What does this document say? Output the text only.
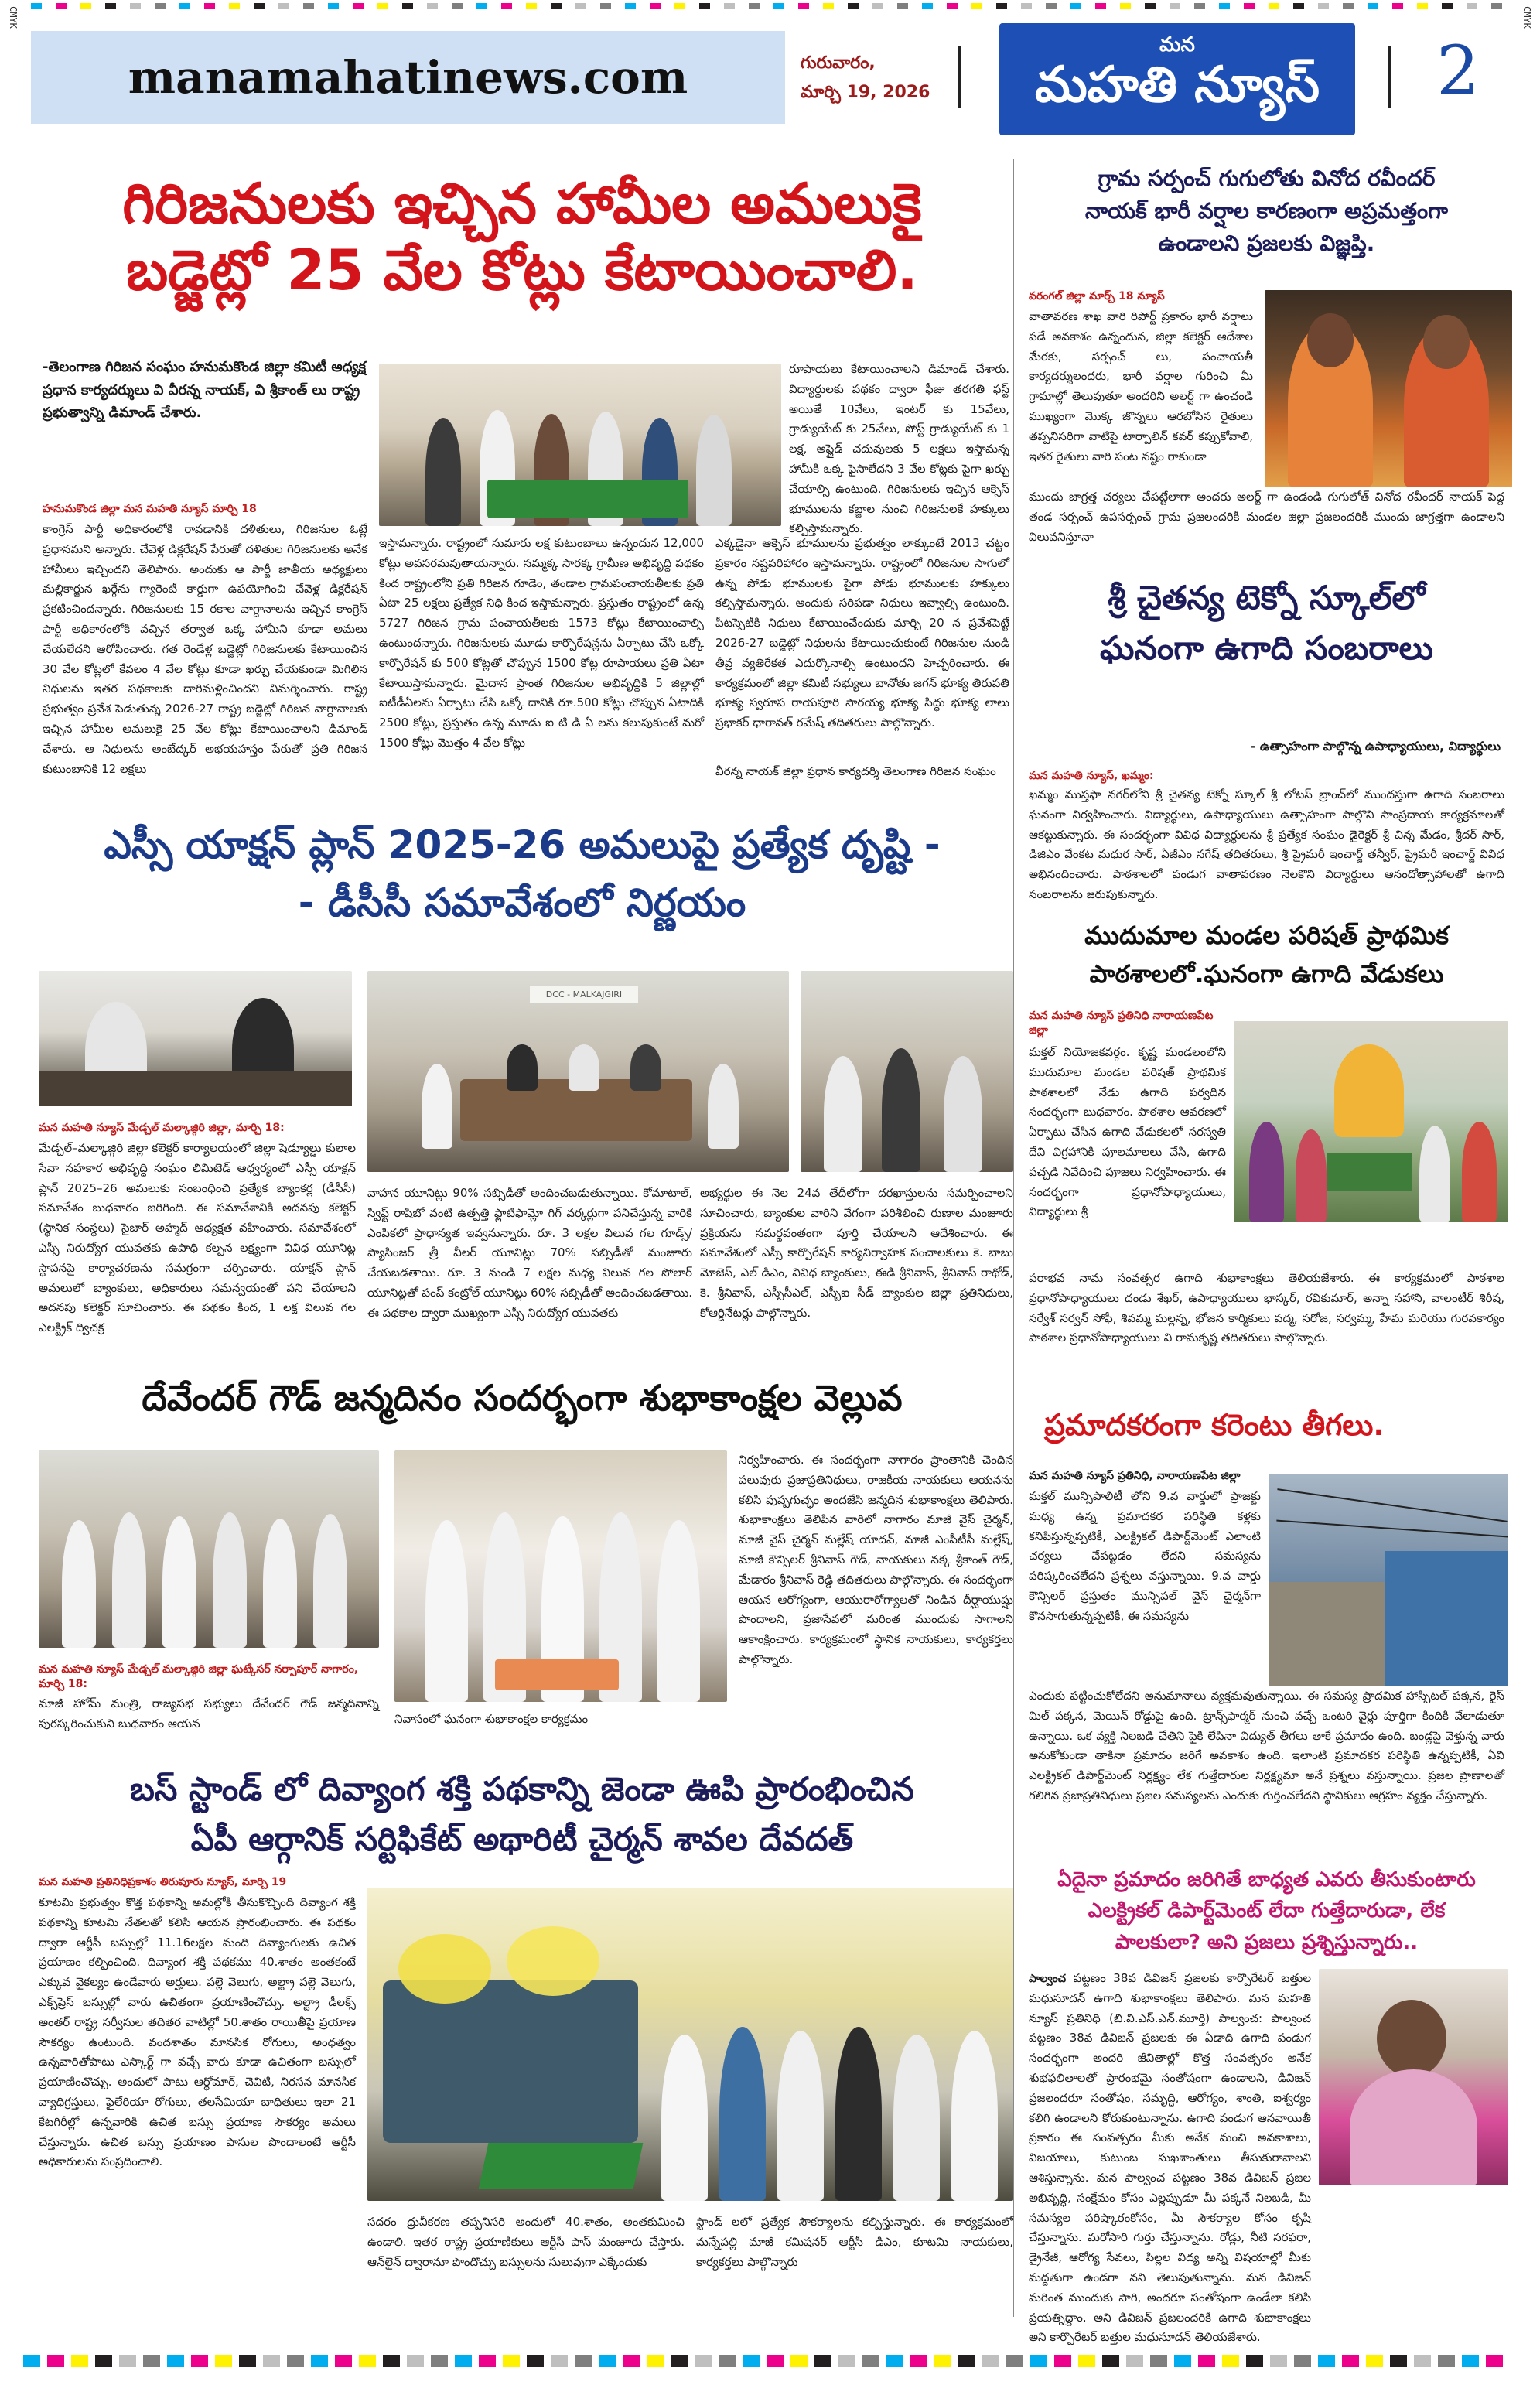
CMYK	CMYK
manamahatinews.com	గురువారం,
మార్చి 19, 2026
మన
మహతి న్యూస్	2
గిరిజనులకు ఇచ్చిన హామీల అమలుకై
బడ్జెట్లో 25 వేల కోట్లు కేటాయించాలి.
-తెలంగాణ గిరిజన సంఘం హనుమకొండ జిల్లా కమిటీ అధ్యక్ష ప్రధాన కార్యదర్శులు వి వీరన్న నాయక్, వి శ్రీకాంత్ లు రాష్ట్ర ప్రభుత్వాన్ని డిమాండ్ చేశారు.
హనుమకొండ జిల్లా మన మహతి న్యూస్ మార్చి 18
కాంగ్రెస్ పార్టీ అధికారంలోకి రావడానికి దళితులు, గిరిజనుల ఓట్లే ప్రధానమని అన్నారు. చేవెళ్ల డిక్లరేషన్ పేరుతో దళితుల గిరిజనులకు అనేక హామీలు ఇచ్చిందని తెలిపారు. అందుకు ఆ పార్టీ జాతీయ అధ్యక్షులు మల్లికార్జున ఖర్గేను గ్యారెంటీ కార్డుగా ఉపయోగించి చేవెళ్ల డిక్లరేషన్ ప్రకటించిందన్నారు. గిరిజనులకు 15 రకాల వాగ్దానాలను ఇచ్చిన కాంగ్రెస్ పార్టీ అధికారంలోకి వచ్చిన తర్వాత ఒక్క హామీని కూడా అమలు చేయలేదని ఆరోపించారు. గత రెండేళ్ల బడ్జెట్లో గిరిజనులకు కేటాయించిన 30 వేల కోట్లలో కేవలం 4 వేల కోట్లు కూడా ఖర్చు చేయకుండా మిగిలిన నిధులను ఇతర పథకాలకు దారిమళ్లించిందని విమర్శించారు. రాష్ట్ర ప్రభుత్వం ప్రవేశ పెడుతున్న 2026-27 రాష్ట్ర బడ్జెట్లో గిరిజన వాగ్దానాలకు ఇచ్చిన హామీల అమలుకై 25 వేల కోట్లు కేటాయించాలని డిమాండ్ చేశారు. ఆ నిధులను అంబేద్కర్ అభయహస్తం పేరుతో ప్రతి గిరిజన కుటుంబానికి 12 లక్షలు
ఇస్తామన్నారు. రాష్ట్రంలో సుమారు లక్ష కుటుంబాలు ఉన్నందున 12,000 కోట్లు అవసరమవుతాయన్నారు. సమ్మక్క సారక్క గ్రామీణ అభివృద్ధి పథకం కింద రాష్ట్రంలోని ప్రతి గిరిజన గూడెం, తండాల గ్రామపంచాయతీలకు ప్రతి ఏటా 25 లక్షలు ప్రత్యేక నిధి కింద ఇస్తామన్నారు. ప్రస్తుతం రాష్ట్రంలో ఉన్న 5727 గిరిజన గ్రామ పంచాయతీలకు 1573 కోట్లు కేటాయించాల్సి ఉంటుందన్నారు. గిరిజనులకు మూడు కార్పొరేషన్లను ఏర్పాటు చేసి ఒక్కో కార్పొరేషన్ కు 500 కోట్లతో చొప్పున 1500 కోట్ల రూపాయలు ప్రతి ఏటా కేటాయిస్తామన్నారు. మైదాన ప్రాంత గిరిజనుల అభివృద్ధికి 5 జిల్లాల్లో ఐటీడీఏలను ఏర్పాటు చేసి ఒక్కో దానికి రూ.500 కోట్లు చొప్పున ఏటాదికి 2500 కోట్లు, ప్రస్తుతం ఉన్న మూడు ఐ టి డి ఏ లను కలుపుకుంటే మరో 1500 కోట్లు మొత్తం 4 వేల కోట్లు
రూపాయలు కేటాయించాలని డిమాండ్ చేశారు. విద్యార్థులకు పథకం ద్వారా ఫీజు తరగతి ఫస్ట్ అయితే 10వేలు, ఇంటర్ కు 15వేలు, గ్రాడ్యుయేట్ కు 25వేలు, పోస్ట్ గ్రాడ్యుయేట్ కు 1 లక్ష, అప్లైడ్ చదువులకు 5 లక్షలు ఇస్తామన్న హామీకి ఒక్క పైసాలేదని 3 వేల కోట్లకు పైగా ఖర్చు చేయాల్సి ఉంటుంది. గిరిజనులకు ఇచ్చిన ఆక్సెస్ భూములను కబ్జాల నుంచి గిరిజనులకే హక్కులు కల్పిస్తామన్నారు.
ఎక్కడైనా ఆక్సెస్ భూములను ప్రభుత్వం లాక్కుంటే 2013 చట్టం ప్రకారం నష్టపరిహారం ఇస్తామన్నారు. రాష్ట్రంలో గిరిజనుల సాగులో ఉన్న పోడు భూములకు పైగా పోడు భూములకు హక్కులు కల్పిస్తామన్నారు. అందుకు సరిపడా నిధులు ఇవ్వాల్సి ఉంటుంది. పీటస్సెటీకి నిధులు కేటాయించేందుకు మార్చి 20 న ప్రవేశపెట్టే 2026-27 బడ్జెట్లో నిధులను కేటాయించుకుంటే గిరిజనుల నుండి తీవ్ర వ్యతిరేకత ఎదుర్కొనాల్సి ఉంటుందని హెచ్చరించారు. ఈ కార్యక్రమంలో జిల్లా కమిటీ సభ్యులు బానోతు జగన్ భూక్య తిరుపతి భూక్య స్వరూప రాయపూరి సారయ్య భూక్య సిద్ధు భూక్య లాలు ప్రభాకర్ ధారావత్ రమేష్ తదితరులు పాల్గొన్నారు.
వీరన్న నాయక్ జిల్లా ప్రధాన కార్యదర్శి తెలంగాణ గిరిజన సంఘం
ఎస్సీ యాక్షన్ ప్లాన్ 2025-26 అమలుపై ప్రత్యేక దృష్టి -
- డీసీసీ సమావేశంలో నిర్ణయం
DCC - MALKAJGIRI
మన మహతి న్యూస్ మేడ్చల్ మల్కాజ్గిరి జిల్లా, మార్చి 18:
మేడ్చల్–మల్కాజ్గిరి జిల్లా కలెక్టర్ కార్యాలయంలో జిల్లా షెడ్యూల్డు కులాల సేవా సహకార అభివృద్ధి సంఘం లిమిటెడ్ ఆధ్వర్యంలో ఎస్సీ యాక్షన్ ప్లాన్ 2025–26 అమలుకు సంబంధించి ప్రత్యేక బ్యాంకర్ల (డీసీసీ) సమావేశం బుధవారం జరిగింది. ఈ సమావేశానికి అదనపు కలెక్టర్ (స్థానిక సంస్థలు) సైజార్ అహ్మద్ అధ్యక్షత వహించారు. సమావేశంలో ఎస్సీ నిరుద్యోగ యువతకు ఉపాధి కల్పన లక్ష్యంగా వివిధ యూనిట్ల స్థాపనపై కార్యాచరణను సమగ్రంగా చర్చించారు. యాక్షన్ ప్లాన్ అమలులో బ్యాంకులు, అధికారులు సమన్వయంతో పని చేయాలని అదనపు కలెక్టర్ సూచించారు. ఈ పథకం కింద, 1 లక్ష విలువ గల ఎలక్ట్రిక్ ద్విచక్ర
వాహన యూనిట్లు 90% సబ్సిడీతో అందించబడుతున్నాయి. కోమాటాల్, స్విఫ్ట్ రాషిబో వంటి ఉత్పత్తి ఫ్లాటిఫామ్లో గిగ్ వర్కర్లుగా పనిచేస్తున్న వారికి ఎంపికలో ప్రాధాన్యత ఇవ్వనున్నారు. రూ. 3 లక్షల విలువ గల గూడ్స్/ప్యాసింజర్ త్రీ వీలర్ యూనిట్లు 70% సబ్సిడీతో మంజూరు చేయబడతాయి. రూ. 3 నుండి 7 లక్షల మధ్య విలువ గల సోలార్ యూనిట్లతో పంప్ కంట్రోల్ యూనిట్లు 60% సబ్సిడీతో అందించబడతాయి. ఈ పథకాల ద్వారా ముఖ్యంగా ఎస్సీ నిరుద్యోగ యువతకు
అభ్యర్థుల ఈ నెల 24వ తేదీలోగా దరఖాస్తులను సమర్పించాలని సూచించారు, బ్యాంకుల వారిని వేగంగా పరిశీలించి రుణాల మంజూరు ప్రక్రియను సమర్థవంతంగా పూర్తి చేయాలని ఆదేశించారు. ఈ సమావేశంలో ఎస్సీ కార్పొరేషన్ కార్యనిర్వాహక సంచాలకులు కె. బాబు మోజెస్, ఎల్ డిఎం, వివిధ బ్యాంకులు, ఈడి శ్రీనివాస్, శ్రీనివాస్ రాథోడ్, కె. శ్రీనివాస్, ఎస్సీసీఎల్, ఎస్బీఐ సీడ్ బ్యాంకుల జిల్లా ప్రతినిధులు, కోఆర్డినేటర్లు పాల్గొన్నారు.
దేవేందర్ గౌడ్ జన్మదినం సందర్భంగా శుభాకాంక్షల వెల్లువ
మన మహతి న్యూస్ మేడ్చల్ మల్కాజ్గిరి జిల్లా ఘట్కేసర్ నర్సాపూర్ నాగారం, మార్చి 18:
మాజీ హోమ్ మంత్రి, రాజ్యసభ సభ్యులు దేవేందర్ గౌడ్ జన్మదినాన్ని పురస్కరించుకుని బుధవారం ఆయన	నివాసంలో ఘనంగా శుభాకాంక్షల కార్యక్రమం
నిర్వహించారు. ఈ సందర్భంగా నాగారం ప్రాంతానికి చెందిన పలువురు ప్రజాప్రతినిధులు, రాజకీయ నాయకులు ఆయనను కలిసి పుష్పగుచ్ఛం అందజేసి జన్మదిన శుభాకాంక్షలు తెలిపారు. శుభాకాంక్షలు తెలిపిన వారిలో నాగారం మాజీ వైస్ చైర్మన్, మాజీ వైస్ చైర్మన్ మల్లేష్ యాదవ్, మాజీ ఎంపీటీసీ మల్లేష్, మాజీ కౌన్సిలర్ శ్రీనివాస్ గౌడ్, నాయకులు నక్క శ్రీకాంత్ గౌడ్, మేడారం శ్రీనివాస్ రెడ్డి తదితరులు పాల్గొన్నారు. ఈ సందర్భంగా ఆయన ఆరోగ్యంగా, ఆయురారోగ్యాలతో నిండిన దీర్ఘాయుష్షు పొందాలని, ప్రజాసేవలో మరింత ముందుకు సాగాలని ఆకాంక్షించారు. కార్యక్రమంలో స్థానిక నాయకులు, కార్యకర్తలు పాల్గొన్నారు.
బస్ స్టాండ్ లో దివ్యాంగ శక్తి పథకాన్ని జెండా ఊపి ప్రారంభించిన
ఏపీ ఆర్గానిక్ సర్టిఫికేట్ అథారిటీ చైర్మన్ శావల దేవదత్
మన మహతి ప్రతినిధిప్రకాశం తిరుపూరు న్యూస్, మార్చి 19
కూటమి ప్రభుత్వం కొత్త పథకాన్ని అమల్లోకి తీసుకొచ్చింది దివ్యాంగ శక్తి పథకాన్ని కూటమి నేతలతో కలిసి ఆయన ప్రారంభించారు. ఈ పథకం ద్వారా ఆర్టీసీ బస్సుల్లో 11.16లక్షల మంది దివ్యాంగులకు ఉచిత ప్రయాణం కల్పించింది. దివ్యాంగ శక్తి పథకము 40.శాతం అంతకంటే ఎక్కువ వైకల్యం ఉండేవారు అర్హులు. పల్లె వెలుగు, అల్ట్రా పల్లె వెలుగు, ఎక్స్‌ప్రెస్ బస్సుల్లో వారు ఉచితంగా ప్రయాణించొచ్చు. అల్ట్రా డీలక్స్ అంతర్ రాష్ట్ర సర్వీసుల తదితర వాటిల్లో 50.శాతం రాయితీపై ప్రయాణ సౌకర్యం ఉంటుంది. వందశాతం మానసిక రోగులు, అంధత్వం ఉన్నవారితోపాటు ఎస్కార్ట్ గా వచ్చే వారు కూడా ఉచితంగా బస్సులో ప్రయాణించొచ్చు. అందులో పాటు ఆర్థోమార్, చెవిటి, నిరసన మానసిక వ్యాధిగ్రస్తులు, ఫైలేరియా రోగులు, తలసేమియా బాధితులు ఇలా 21 కేటగిరీల్లో ఉన్నవారికి ఉచిత బస్సు ప్రయాణ సౌకర్యం అమలు చేస్తున్నారు. ఉచిత బస్సు ప్రయాణం పాసుల పొందాలంటే ఆర్టీసీ అధికారులను సంప్రదించాలి.
సదరం ధ్రువీకరణ తప్పనిసరి అందులో 40.శాతం, అంతకుమించి ఉండాలి. ఇతర రాష్ట్ర ప్రయాణికులు ఆర్టీసీ పాస్ మంజూరు చేస్తారు. ఆన్‌లైన్ ద్వారానూ పొందొచ్చు బస్సులను సులువుగా ఎక్కేందుకు
స్టాండ్ లలో ప్రత్యేక సౌకర్యాలను కల్పిస్తున్నారు. ఈ కార్యక్రమంలో మన్నేపల్లి మాజీ కమిషనర్ ఆర్టీసీ డిఎం, కూటమి నాయకులు, కార్యకర్తలు పాల్గొన్నారు
గ్రామ సర్పంచ్ గుగులోతు వినోద రవీందర్
నాయక్ భారీ వర్షాల కారణంగా అప్రమత్తంగా
ఉండాలని ప్రజలకు విజ్ఞప్తి.
వరంగల్ జిల్లా మార్చ్ 18 న్యూస్
వాతావరణ శాఖ వారి రిపోర్ట్ ప్రకారం భారీ వర్షాలు పడే అవకాశం ఉన్నందున, జిల్లా కలెక్టర్ ఆదేశాల మేరకు, సర్పంచ్ లు, పంచాయతీ కార్యదర్శులందరు, భారీ వర్షాల గురించి మీ గ్రామాల్లో తెలుపుతూ అందరిని అలర్ట్ గా ఉంచండి ముఖ్యంగా మొక్క జొన్నలు ఆరబోసిన రైతులు తప్పనిసరిగా వాటిపై టార్పాలిన్ కవర్ కప్పుకోవాలి, ఇతర రైతులు వారి పంట నష్టం రాకుండా
ముందు జాగ్రత్త చర్యలు చేపట్టేలాగా అందరు అలర్ట్ గా ఉండండి గుగులోత్ వినోద రవీందర్ నాయక్ పెద్ద తండ సర్పంచ్ ఉపసర్పంచ్ గ్రామ ప్రజలందరికీ మండల జిల్లా ప్రజలందరికీ ముందు జాగ్రత్తగా ఉండాలని విలువనిస్తూనా
శ్రీ చైతన్య టెక్నో స్కూల్‌లో
ఘనంగా ఉగాది సంబరాలు
- ఉత్సాహంగా పాల్గొన్న ఉపాధ్యాయులు, విద్యార్థులు
మన మహతి న్యూస్, ఖమ్మం:
ఖమ్మం ముస్తఫా నగర్‌లోని శ్రీ చైతన్య టెక్నో స్కూల్ శ్రీ లోటస్ బ్రాంచ్‌లో ముందస్తుగా ఉగాది సంబరాలు ఘనంగా నిర్వహించారు. విద్యార్థులు, ఉపాధ్యాయులు ఉత్సాహంగా పాల్గొని సాంప్రదాయ కార్యక్రమాలతో ఆకట్టుకున్నారు. ఈ సందర్భంగా వివిధ విద్యార్థులను శ్రీ ప్రత్యేక సంఘం డైరెక్టర్ శ్రీ చిన్న మేడం, శ్రీదర్ సార్, డిజిఎం వేంకట మధుర సార్, ఏజీఎం నగేష్ తదితరులు, శ్రీ ప్రైమరీ ఇంచార్జ్ తన్వీర్, ప్రైమరీ ఇంచార్జ్ వివిధ అభినందించారు. పాఠశాలలో పండుగ వాతావరణం నెలకొని విద్యార్థులు ఆనందోత్సాహాలతో ఉగాది సంబరాలను జరుపుకున్నారు.
ముదుమాల మండల పరిషత్ ప్రాథమిక
పాఠశాలలో.ఘనంగా ఉగాది వేడుకలు
మన మహతి న్యూస్ ప్రతినిధి నారాయణపేట జిల్లా
మక్తల్ నియోజకవర్గం. కృష్ణ మండలంలోని ముదుమాల మండల పరిషత్ ప్రాథమిక పాఠశాలలో నేడు ఉగాది పర్వదిన సందర్భంగా బుధవారం. పాఠశాల ఆవరణలో ఏర్పాటు చేసిన ఉగాది వేడుకలలో సరస్వతి దేవి విగ్రహానికి పూలమాలలు వేసి, ఉగాది పచ్చడి నివేదించి పూజలు నిర్వహించారు. ఈ సందర్భంగా ప్రధానోపాధ్యాయులు, విద్యార్థులు శ్రీ
పరాభవ నామ సంవత్సర ఉగాది శుభాకాంక్షలు తెలియజేశారు. ఈ కార్యక్రమంలో పాఠశాల ప్రధానోపాధ్యాయులు దండు శేఖర్, ఉపాధ్యాయులు భాస్కర్, రవికుమార్, అన్నా సహాని, వాలంటీర్ శిరీష, సర్వేశ్ సర్వన్ సోఫీ, శివమ్మ మల్లన్న, భోజన కార్మికులు పద్మ, సరోజ, సర్వమ్మ, హేమ మరియు గురవకార్యం పాఠశాల ప్రధానోపాధ్యాయులు వి రామకృష్ణ తదితరులు పాల్గొన్నారు.
ప్రమాదకరంగా కరెంటు తీగలు.
మన మహతి న్యూస్ ప్రతినిధి, నారాయణపేట జిల్లా
మక్తల్ మున్సిపాలిటీ లోని 9.వ వార్డులో ప్రాజక్టు మధ్య ఉన్న ప్రమాదకర పరిస్థితి కళ్లకు కనిపిస్తున్నప్పటికీ, ఎలక్ట్రికల్ డిపార్ట్‌మెంట్ ఎలాంటి చర్యలు చేపట్టడం లేదని సమస్యను పరిష్కరించలేదని ప్రశ్నలు వస్తున్నాయి. 9.వ వార్డు కౌన్సిలర్ ప్రస్తుతం మున్సిపల్ వైస్ చైర్మన్‌గా కొనసాగుతున్నప్పటికీ, ఈ సమస్యను
ఎందుకు పట్టించుకోలేదని అనుమానాలు వ్యక్తమవుతున్నాయి. ఈ సమస్య ప్రాదమిక హాస్పిటల్ పక్కన, రైస్ మిల్ పక్కన, మెయిన్ రోడ్డుపై ఉంది. ట్రాన్స్‌ఫార్మర్ నుంచి వచ్చే ఒంటరి వైర్లు పూర్తిగా కిందికి వేలాడుతూ ఉన్నాయి. ఒక వ్యక్తి నిలబడి చేతిని పైకి లేపినా విద్యుత్ తీగలు తాకే ప్రమాదం ఉంది. బండ్లపై వెళ్తున్న వారు అనుకోకుండా తాకినా ప్రమాదం జరిగే అవకాశం ఉంది. ఇలాంటి ప్రమాదకర పరిస్థితి ఉన్నప్పటికీ, ఏవి ఎలక్ట్రికల్ డిపార్ట్‌మెంట్ నిర్లక్ష్యం లేక గుత్తేదారుల నిర్లక్ష్యమా అనే ప్రశ్నలు వస్తున్నాయి. ప్రజల ప్రాణాలతో గలిగిన ప్రజాప్రతినిధులు ప్రజల సమస్యలను ఎందుకు గుర్తించలేదని స్థానికులు ఆగ్రహం వ్యక్తం చేస్తున్నారు.
ఏదైనా ప్రమాదం జరిగితే బాధ్యత ఎవరు తీసుకుంటారు
ఎలక్ట్రికల్ డిపార్ట్‌మెంట్ లేదా గుత్తేదారుడా, లేక
పాలకులా? అని ప్రజలు ప్రశ్నిస్తున్నారు..
పాల్వంచ పట్టణం 38వ డివిజన్ ప్రజలకు కార్పొరేటర్ బత్తుల మధుసూదన్ ఉగాది శుభాకాంక్షలు తెలిపారు. మన మహతి న్యూస్ ప్రతినిధి (బి.వి.ఎస్.ఎన్.మూర్తి) పాల్వంచ: పాల్వంచ పట్టణం 38వ డివిజన్ ప్రజలకు ఈ ఏడాది ఉగాది పండుగ సందర్భంగా అందరి జీవితాల్లో కొత్త సంవత్సరం అనేక శుభఫలితాలతో ప్రారంభమై సంతోషంగా ఉండాలని, డివిజన్ ప్రజలందరూ సంతోషం, సమృద్ధి, ఆరోగ్యం, శాంతి, ఐశ్వర్యం కలిగి ఉండాలని కోరుకుంటున్నాను. ఉగాది పండుగ ఆనవాయితీ ప్రకారం ఈ సంవత్సరం మీకు అనేక మంచి అవకాశాలు, విజయాలు, కుటుంబ సుఖశాంతులు తీసుకురావాలని ఆశిస్తున్నాను. మన పాల్వంచ పట్టణం 38వ డివిజన్ ప్రజల అభివృద్ధి, సంక్షేమం కోసం ఎల్లప్పుడూ మీ పక్కనే నిలబడి, మీ సమస్యల పరిష్కారంకోసం, మీ సౌకర్యాల కోసం కృషి చేస్తున్నాను. మరోసారి గుర్తు చేస్తున్నాను. రోడ్లు, నీటి సరఫరా, డ్రైనేజీ, ఆరోగ్య సేవలు, పిల్లల విద్య అన్ని విషయాల్లో మీకు మద్దతుగా ఉండగా నని తెలుపుతున్నాను. మన డివిజన్ మరింత ముందుకు సాగి, అందరూ సంతోషంగా ఉండేలా కలిసి ప్రయత్నిద్దాం. అని డివిజన్ ప్రజలందరికీ ఉగాది శుభాకాంక్షలు అని కార్పొరేటర్ బత్తుల మధుసూదన్ తెలియజేశారు.
